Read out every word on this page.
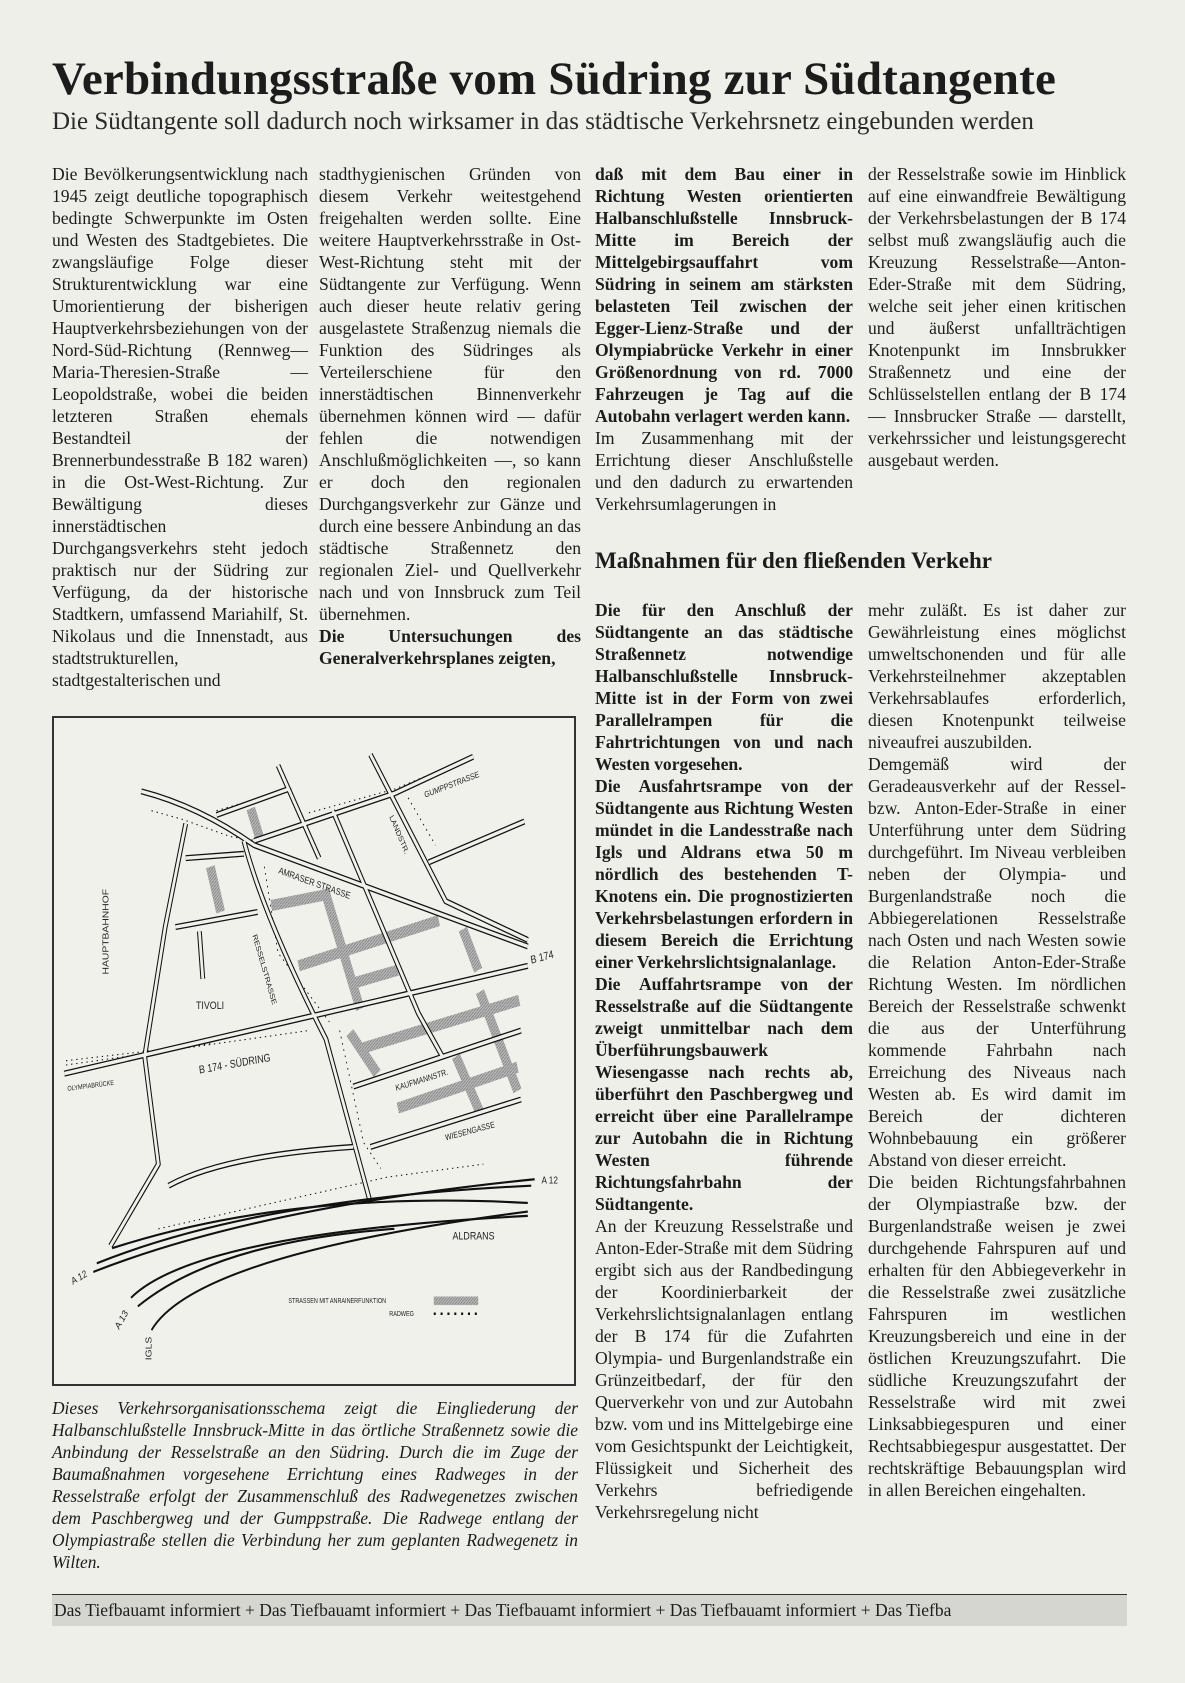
Verbindungsstraße vom Südring zur Südtangente
Die Südtangente soll dadurch noch wirksamer in das städtische Verkehrsnetz eingebunden werden

Die Bevölkerungsentwicklung nach 1945 zeigt deutliche topographisch bedingte Schwerpunkte im Osten und Westen des Stadtgebietes. Die zwangsläufige Folge dieser Strukturentwicklung war eine Umorientierung der bisherigen Hauptverkehrsbeziehungen von der Nord-Süd-Richtung (Rennweg—Maria-Theresien-Straße —Leopoldstraße, wobei die beiden letzteren Straßen ehemals Bestandteil der Brennerbundesstraße B 182 waren) in die Ost-West-Richtung. Zur Bewältigung dieses innerstädtischen Durchgangsverkehrs steht jedoch praktisch nur der Südring zur Verfügung, da der historische Stadtkern, umfassend Mariahilf, St. Nikolaus und die Innenstadt, aus stadtstrukturellen, stadtgestalterischen und

stadthygienischen Gründen von diesem Verkehr weitestgehend freigehalten werden sollte. Eine weitere Hauptverkehrsstraße in Ost-West-Richtung steht mit der Südtangente zur Verfügung. Wenn auch dieser heute relativ gering ausgelastete Straßenzug niemals die Funktion des Südringes als Verteilerschiene für den innerstädtischen Binnenverkehr übernehmen können wird — dafür fehlen die notwendigen Anschlußmöglichkeiten —, so kann er doch den regionalen Durchgangsverkehr zur Gänze und durch eine bessere Anbindung an das städtische Straßennetz den regionalen Ziel- und Quellverkehr nach und von Innsbruck zum Teil übernehmen.

Die Untersuchungen des Generalverkehrsplanes zeigten,

daß mit dem Bau einer in Richtung Westen orientierten Halbanschlußstelle Innsbruck-Mitte im Bereich der Mittelgebirgsauffahrt vom Südring in seinem am stärksten belasteten Teil zwischen der Egger-Lienz-Straße und der Olympiabrücke Verkehr in einer Größenordnung von rd. 7000 Fahrzeugen je Tag auf die Autobahn verlagert werden kann.

Im Zusammenhang mit der Errichtung dieser Anschlußstelle und den dadurch zu erwartenden Verkehrsumlagerungen in

der Resselstraße sowie im Hinblick auf eine einwandfreie Bewältigung der Verkehrsbelastungen der B 174 selbst muß zwangsläufig auch die Kreuzung Resselstraße—Anton-Eder-Straße mit dem Südring, welche seit jeher einen kritischen und äußerst unfallträchtigen Knotenpunkt im Innsbrukker Straßennetz und eine der Schlüsselstellen entlang der B 174 — Innsbrucker Straße — darstellt, verkehrssicher und leistungsgerecht ausgebaut werden.

Maßnahmen für den fließenden Verkehr

Die für den Anschluß der Südtangente an das städtische Straßennetz notwendige Halbanschlußstelle Innsbruck-Mitte ist in der Form von zwei Parallelrampen für die Fahrtrichtungen von und nach Westen vorgesehen.

Die Ausfahrtsrampe von der Südtangente aus Richtung Westen mündet in die Landesstraße nach Igls und Aldrans etwa 50 m nördlich des bestehenden T-Knotens ein. Die prognostizierten Verkehrsbelastungen erfordern in diesem Bereich die Errichtung einer Verkehrslichtsignalanlage.

Die Auffahrtsrampe von der Resselstraße auf die Südtangente zweigt unmittelbar nach dem Überführungsbauwerk Wiesengasse nach rechts ab, überführt den Paschbergweg und erreicht über eine Parallelrampe zur Autobahn die in Richtung Westen führende Richtungsfahrbahn der Südtangente.

An der Kreuzung Resselstraße und Anton-Eder-Straße mit dem Südring ergibt sich aus der Randbedingung der Koordinierbarkeit der Verkehrslichtsignalanlagen entlang der B 174 für die Zufahrten Olympia- und Burgenlandstraße ein Grünzeitbedarf, der für den Querverkehr von und zur Autobahn bzw. vom und ins Mittelgebirge eine vom Gesichtspunkt der Leichtigkeit, Flüssigkeit und Sicherheit des Verkehrs befriedigende Verkehrsregelung nicht

mehr zuläßt. Es ist daher zur Gewährleistung eines möglichst umweltschonenden und für alle Verkehrsteilnehmer akzeptablen Verkehrsablaufes erforderlich, diesen Knotenpunkt teilweise niveaufrei auszubilden.

Demgemäß wird der Geradeausverkehr auf der Ressel- bzw. Anton-Eder-Straße in einer Unterführung unter dem Südring durchgeführt. Im Niveau verbleiben neben der Olympia- und Burgenlandstraße noch die Abbiegerelationen Resselstraße nach Osten und nach Westen sowie die Relation Anton-Eder-Straße Richtung Westen. Im nördlichen Bereich der Resselstraße schwenkt die aus der Unterführung kommende Fahrbahn nach Erreichung des Niveaus nach Westen ab. Es wird damit im Bereich der dichteren Wohnbebauung ein größerer Abstand von dieser erreicht.

Die beiden Richtungsfahrbahnen der Olympiastraße bzw. der Burgenlandstraße weisen je zwei durchgehende Fahrspuren auf und erhalten für den Abbiegeverkehr in die Resselstraße zwei zusätzliche Fahrspuren im westlichen Kreuzungsbereich und eine in der östlichen Kreuzungszufahrt. Die südliche Kreuzungszufahrt der Resselstraße wird mit zwei Linksabbiegespuren und einer Rechtsabbiegespur ausgestattet. Der rechtskräftige Bebauungsplan wird in allen Bereichen eingehalten.

GUMPPSTRASSE
LANDSTR.
AMRASER STRASSE
HAUPTBAHNHOF	RESSELSTRASSE
TIVOLI
B 174
B 174 - SÜDRING
OLYMPIABRÜCKE	KAUFMANNSTR.
WIESENGASSE
A 12
ALDRANS
A 12
A 13
IGLS
STRASSEN MIT ANRAINERFUNKTION
RADWEG
Dieses Verkehrsorganisationsschema zeigt die Eingliederung der Halbanschlußstelle Innsbruck-Mitte in das örtliche Straßennetz sowie die Anbindung der Resselstraße an den Südring. Durch die im Zuge der Baumaßnahmen vorgesehene Errichtung eines Radweges in der Resselstraße erfolgt der Zusammenschluß des Radwegenetzes zwischen dem Paschbergweg und der Gumppstraße. Die Radwege entlang der Olympiastraße stellen die Verbindung her zum geplanten Radwegenetz in Wilten.
Das Tiefbauamt informiert + Das Tiefbauamt informiert + Das Tiefbauamt informiert + Das Tiefbauamt informiert + Das Tiefba
